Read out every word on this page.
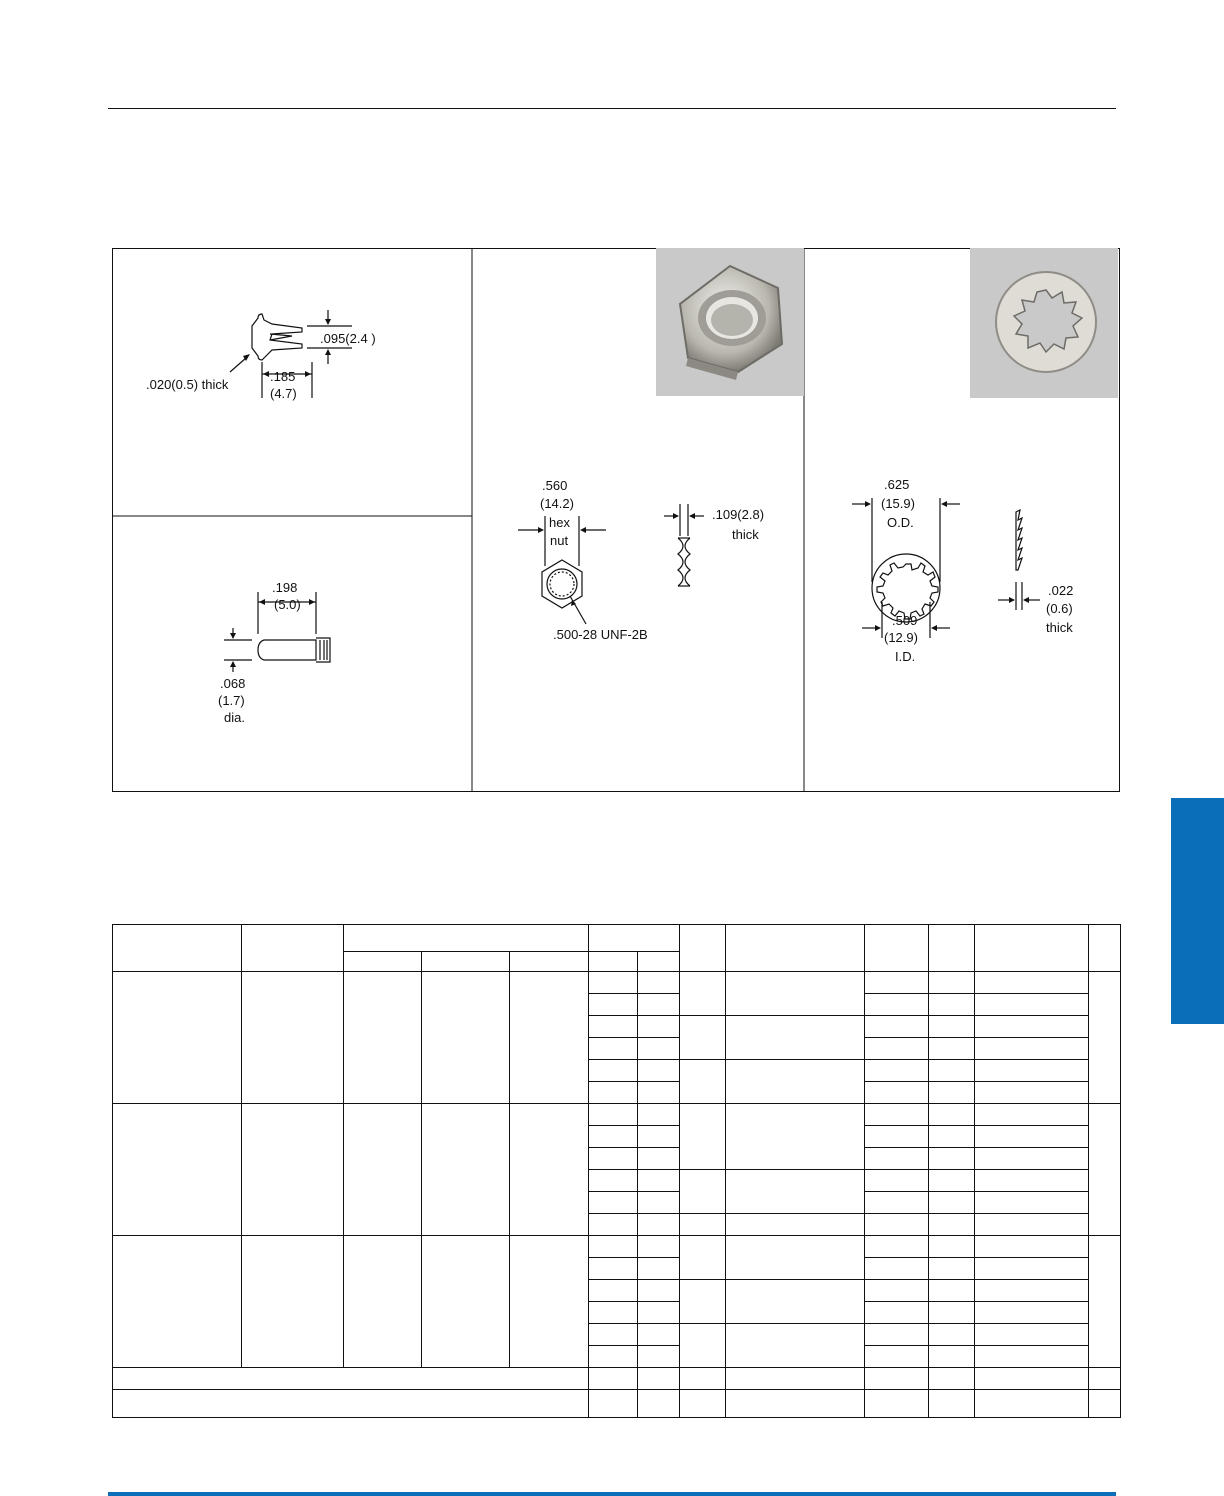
.095(2.4 )
.185
(4.7)
.020(0.5) thick
.198
(5.0)
.068
(1.7)
dia.
.560
(14.2)
hex
nut
.109(2.8)
thick
.500-28 UNF-2B
.625
(15.9)
O.D.
.509
(12.9)
I.D.
.022
(0.6)
thick
